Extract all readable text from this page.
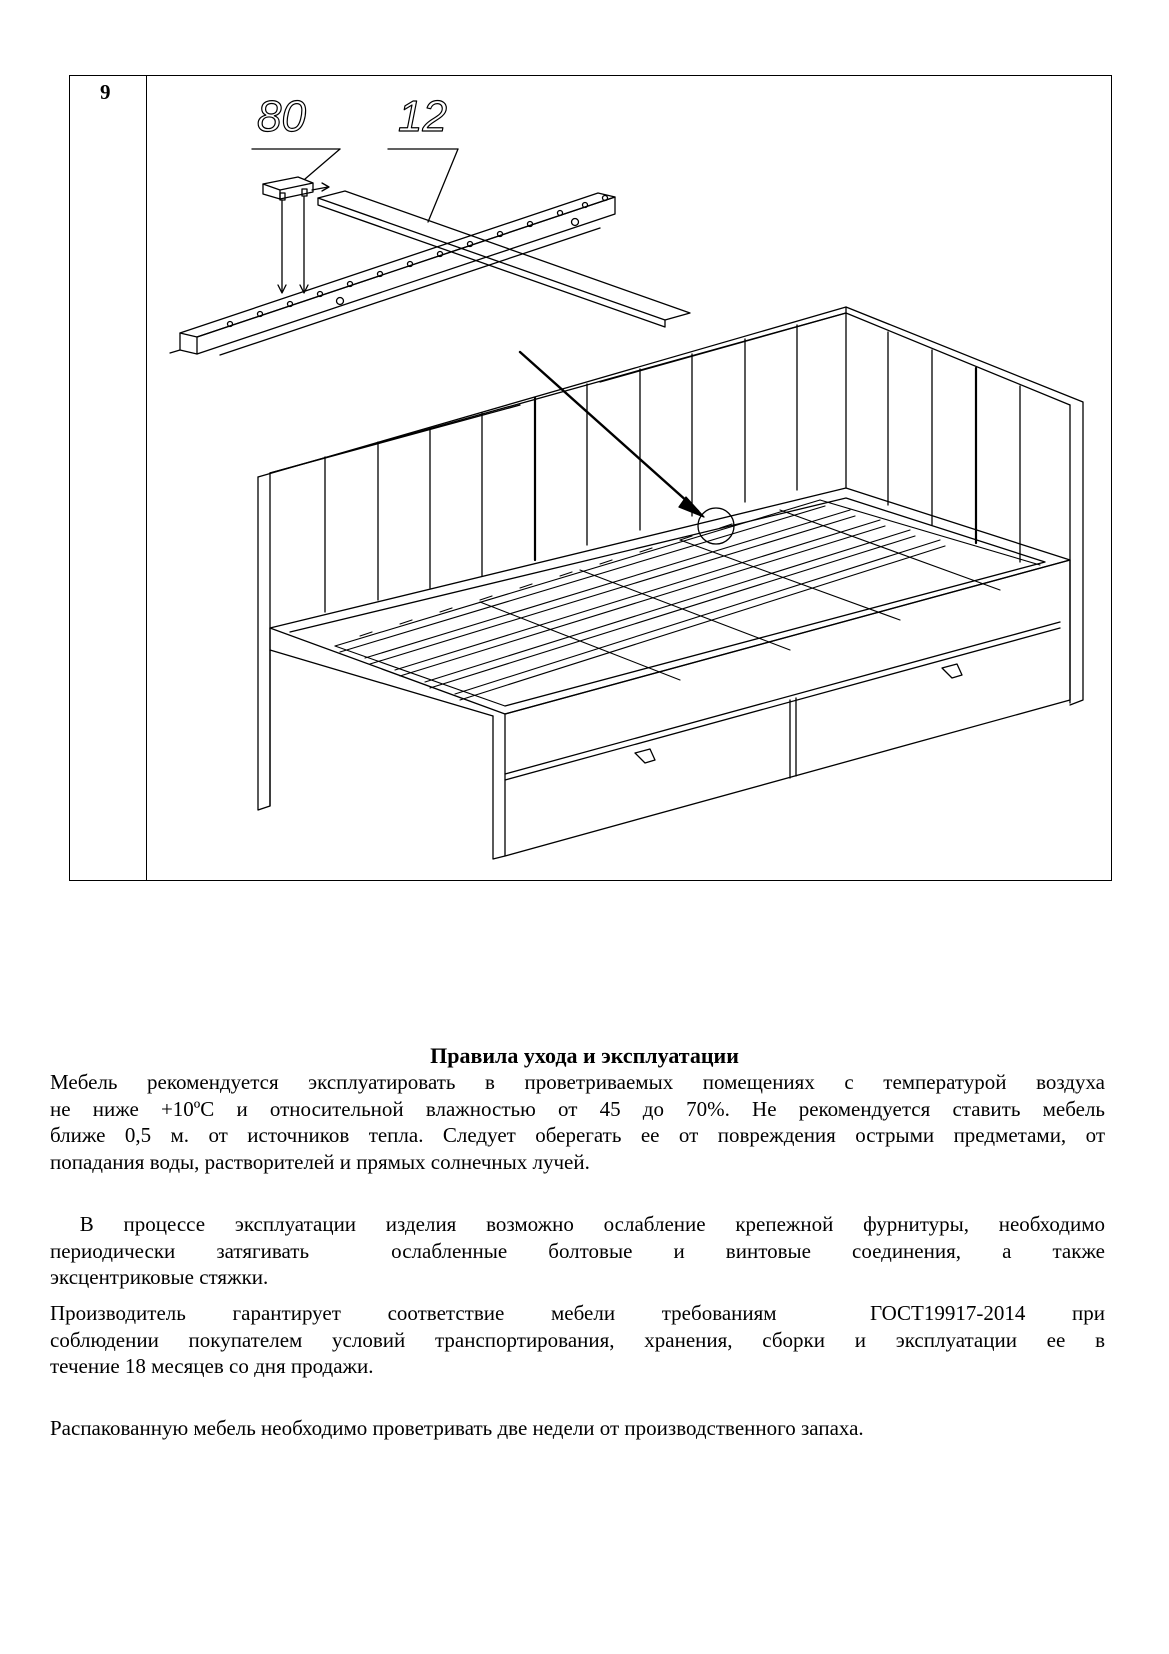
9	80 12
Правила ухода и эксплуатации

Мебель рекомендуется эксплуатировать в проветриваемых помещениях с температурой воздуха
не ниже +10ºС и относительной влажностью от 45 до 70%. Не рекомендуется ставить мебель
ближе 0,5 м. от источников тепла. Следует оберегать ее от повреждения острыми предметами, от
попадания воды, растворителей и прямых солнечных лучей.

В процессе эксплуатации изделия возможно ослабление крепежной фурнитуры, необходимо
периодически затягивать  ослабленные болтовые и винтовые соединения, а также
эксцентриковые стяжки.

Производитель гарантирует соответствие мебели требованиям  ГОСТ19917-2014 при
соблюдении покупателем условий транспортирования, хранения, сборки и эксплуатации ее в
течение 18 месяцев со дня продажи.

Распакованную мебель необходимо проветривать две недели от производственного запаха.
